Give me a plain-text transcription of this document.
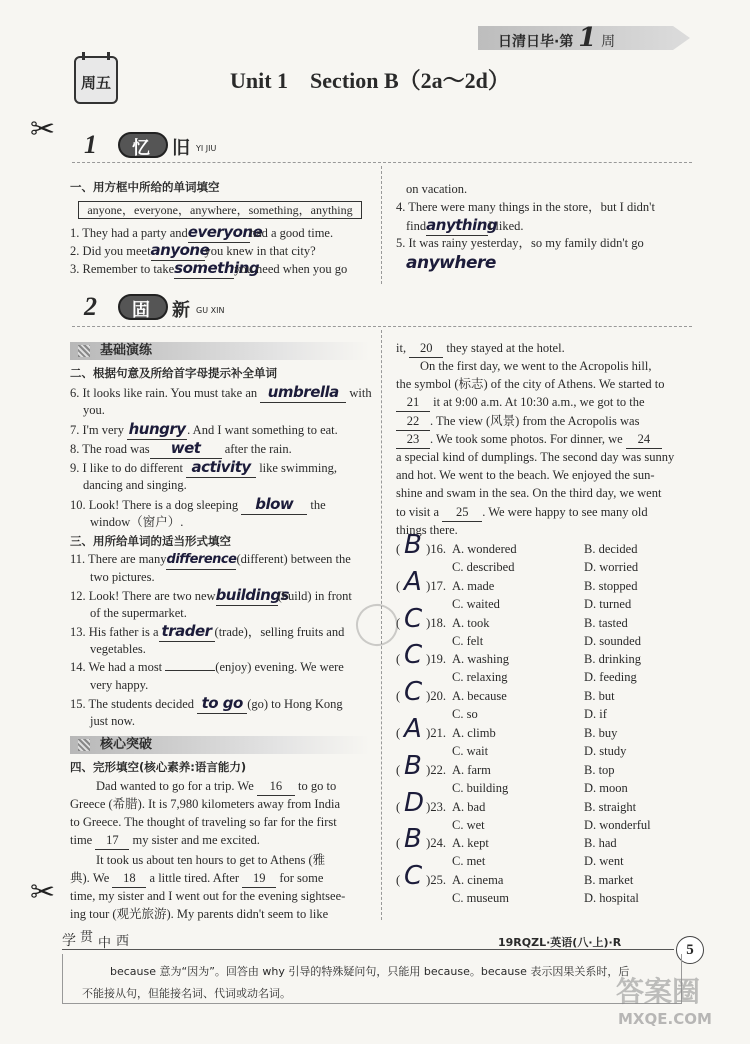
日清日毕·第 1 周
周五	Unit 1　Section B（2a～2d）
✂
✂
1 忆 旧 YI JIU
一、用方框中所给的单词填空
anyone，everyone，anywhere，something，anything
1. They had a party andeveryonehad a good time.
2. Did you meetanyoneyou knew in that city?
3. Remember to takesomethingyou need when you go
on vacation.
4. There were many things in the store，but I didn't
findanythingI liked.
5. It was rainy yesterday，so my family didn't go
anywhere
2 固 新 GU XIN
基础演练
二、根据句意及所给首字母提示补全单词
6. It looks like rain. You must take an umbrella with
you.
7. I'm very hungry . And I want something to eat.
8. The road was wet after the rain.
9. I like to do different activity like swimming,
dancing and singing.
10. Look! There is a dog sleeping blow the
window（窗户）.
三、用所给单词的适当形式填空
11. There are manydifference(different) between the
two pictures.
12. Look! There are two newbuildings(build) in front
of the supermarket.
13. His father is a trader (trade)，selling fruits and
vegetables.
14. We had a most	(enjoy) evening. We were
very happy.
15. The students decided to go (go) to Hong Kong
just now.
核心突破
四、完形填空(核心素养:语言能力)
Dad wanted to go for a trip. We 16 to go to
Greece (希腊). It is 7,980 kilometers away from India
to Greece. The thought of traveling so far for the first
time 17 my sister and me excited.
It took us about ten hours to get to Athens (雅
典). We 18 a little tired. After 19 for some
time, my sister and I went out for the evening sightsee-
ing tour (观光旅游). My parents didn't seem to like
it, 20 they stayed at the hotel.
On the first day, we went to the Acropolis hill,
the symbol (标志) of the city of Athens. We started to
21 it at 9:00 a.m. At 10:30 a.m., we got to the
22 . The view (风景) from the Acropolis was
23 . We took some photos. For dinner, we 24
a special kind of dumplings. The second day was sunny
and hot. We went to the beach. We enjoyed the sun-
shine and swam in the sea. On the third day, we went
to visit a 25 . We were happy to see many old
things there.
( )16.
B A. wondered	B. decided
C. described	D. worried
( )17.
A A. made	B. stopped
C. waited	D. turned
( )18.
C A. took	B. tasted
C. felt	D. sounded
( )19.
C A. washing	B. drinking
C. relaxing	D. feeding
( )20.
C A. because	B. but
C. so	D. if
( )21.
A A. climb	B. buy
C. wait	D. study
( )22.
B A. farm	B. top
C. building	D. moon
( )23.
D A. bad	B. straight
C. wet	D. wonderful
( )24.
B A. kept	B. had
C. met	D. went
( )25.
C A. cinema	B. market
C. museum	D. hospital
学 贯 中 西	19RQZL·英语(八·上)·R	5
because 意为“因为”。回答由 why 引导的特殊疑问句，只能用 because。because 表示因果关系时，后
不能接从句，但能接名词、代词或动名词。	答案圈
MXQE.COM
